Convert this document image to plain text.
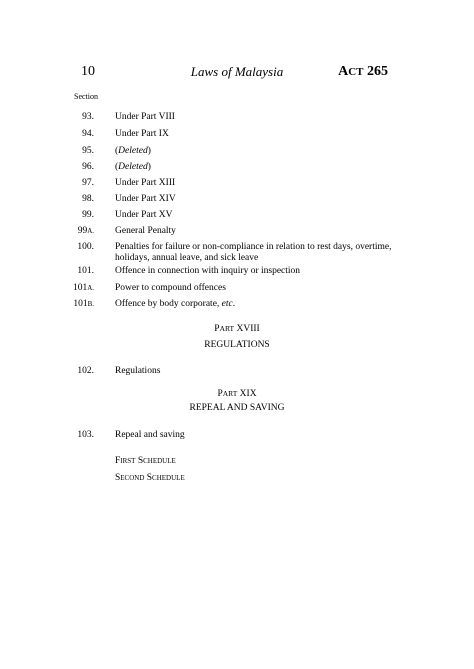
10	Laws of Malaysia	ACT 265
Section
93. Under Part VIII
94. Under Part IX
95. (Deleted)
96. (Deleted)
97. Under Part XIII
98. Under Part XIV
99. Under Part XV
99A. General Penalty
100. Penalties for failure or non-compliance in relation to rest days, overtime, holidays, annual leave, and sick leave
101. Offence in connection with inquiry or inspection
101A. Power to compound offences
101B. Offence by body corporate, etc.
PART XVIII
REGULATIONS
102. Regulations
PART XIX
REPEAL AND SAVING
103. Repeal and saving
First Schedule
Second Schedule
